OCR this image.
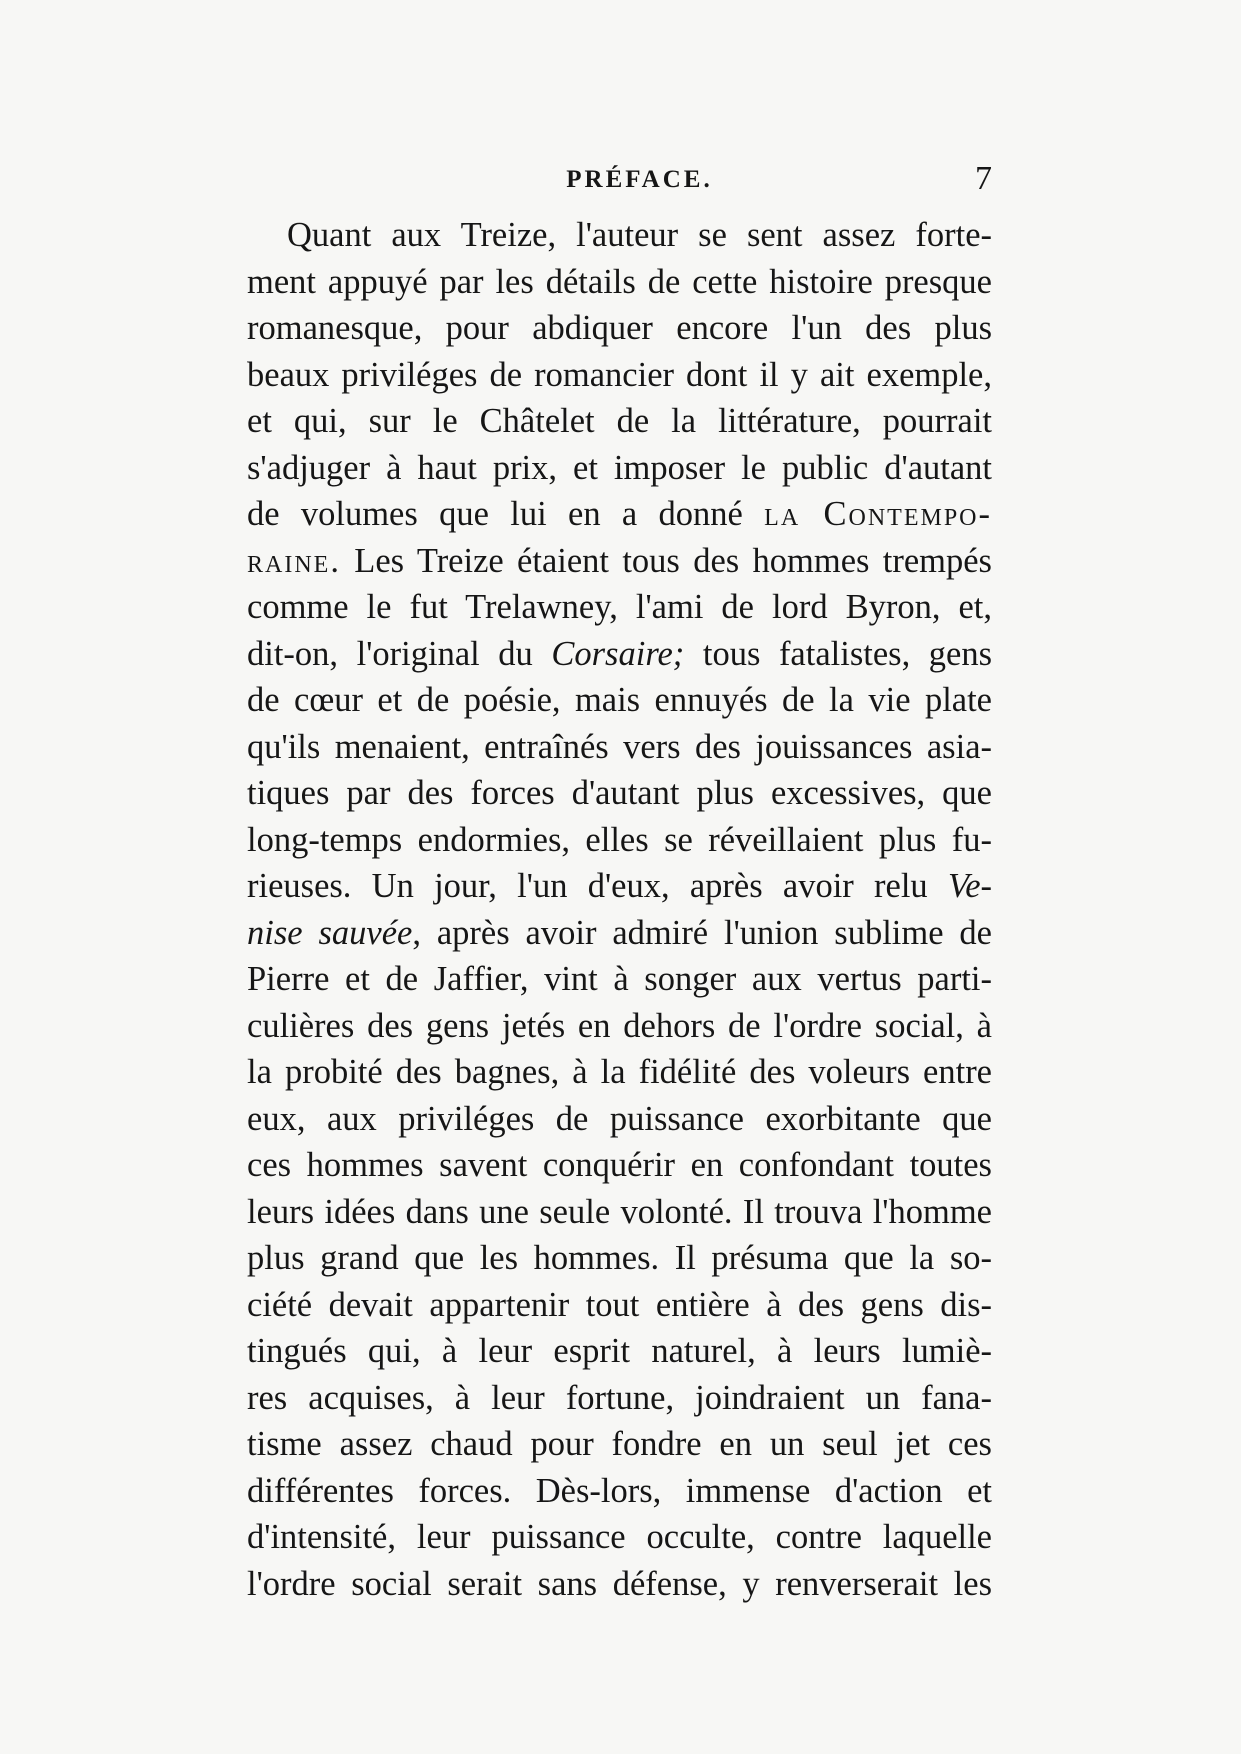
PRÉFACE.	7
Quant aux Treize, l'auteur se sent assez forte-
ment appuyé par les détails de cette histoire presque
romanesque, pour abdiquer encore l'un des plus
beaux priviléges de romancier dont il y ait exemple,
et qui, sur le Châtelet de la littérature, pourrait
s'adjuger à haut prix, et imposer le public d'autant
de volumes que lui en a donné la Contempo-
raine. Les Treize étaient tous des hommes trempés
comme le fut Trelawney, l'ami de lord Byron, et,
dit-on, l'original du Corsaire; tous fatalistes, gens
de cœur et de poésie, mais ennuyés de la vie plate
qu'ils menaient, entraînés vers des jouissances asia-
tiques par des forces d'autant plus excessives, que
long-temps endormies, elles se réveillaient plus fu-
rieuses. Un jour, l'un d'eux, après avoir relu Ve-
nise sauvée, après avoir admiré l'union sublime de
Pierre et de Jaffier, vint à songer aux vertus parti-
culières des gens jetés en dehors de l'ordre social, à
la probité des bagnes, à la fidélité des voleurs entre
eux, aux priviléges de puissance exorbitante que
ces hommes savent conquérir en confondant toutes
leurs idées dans une seule volonté. Il trouva l'homme
plus grand que les hommes. Il présuma que la so-
ciété devait appartenir tout entière à des gens dis-
tingués qui, à leur esprit naturel, à leurs lumiè-
res acquises, à leur fortune, joindraient un fana-
tisme assez chaud pour fondre en un seul jet ces
différentes forces. Dès-lors, immense d'action et
d'intensité, leur puissance occulte, contre laquelle
l'ordre social serait sans défense, y renverserait les
